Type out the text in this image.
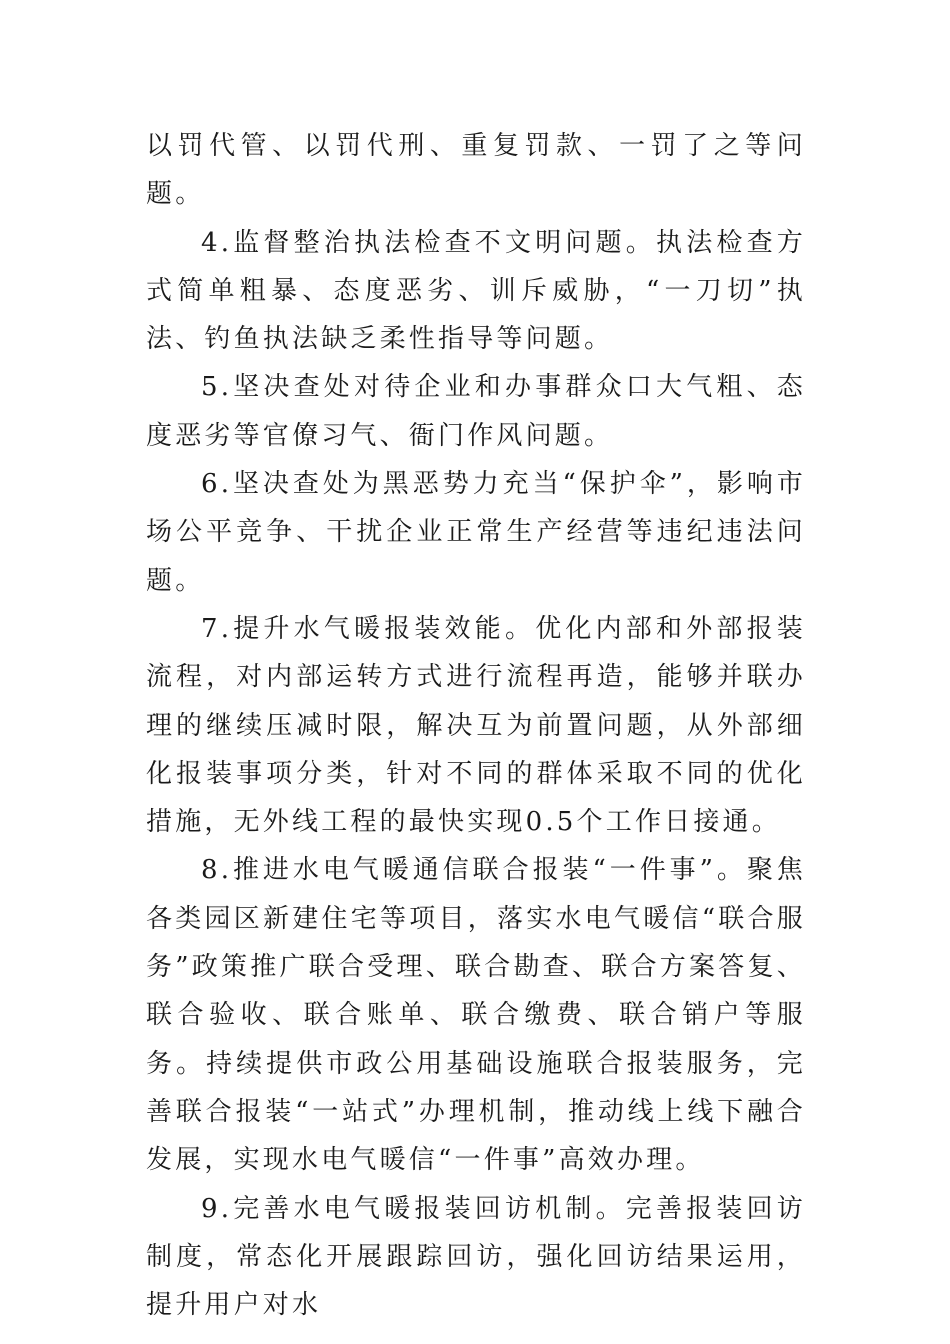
以罚代管、以罚代刑、重复罚款、一罚了之等问题。

4.监督整治执法检查不文明问题。执法检查方式简单粗暴、态度恶劣、训斥威胁，“一刀切”执法、钓鱼执法缺乏柔性指导等问题。

5.坚决查处对待企业和办事群众口大气粗、态度恶劣等官僚习气、衙门作风问题。

6.坚决查处为黑恶势力充当“保护伞”，影响市场公平竞争、干扰企业正常生产经营等违纪违法问题。

7.提升水气暖报装效能。优化内部和外部报装流程，对内部运转方式进行流程再造，能够并联办理的继续压减时限，解决互为前置问题，从外部细化报装事项分类，针对不同的群体采取不同的优化措施，无外线工程的最快实现0.5个工作日接通。

8.推进水电气暖通信联合报装“一件事”。聚焦各类园区新建住宅等项目，落实水电气暖信“联合服务”政策推广联合受理、联合勘查、联合方案答复、联合验收、联合账单、联合缴费、联合销户等服务。持续提供市政公用基础设施联合报装服务，完善联合报装“一站式”办理机制，推动线上线下融合发展，实现水电气暖信“一件事”高效办理。

9.完善水电气暖报装回访机制。完善报装回访制度，常态化开展跟踪回访，强化回访结果运用，提升用户对水
